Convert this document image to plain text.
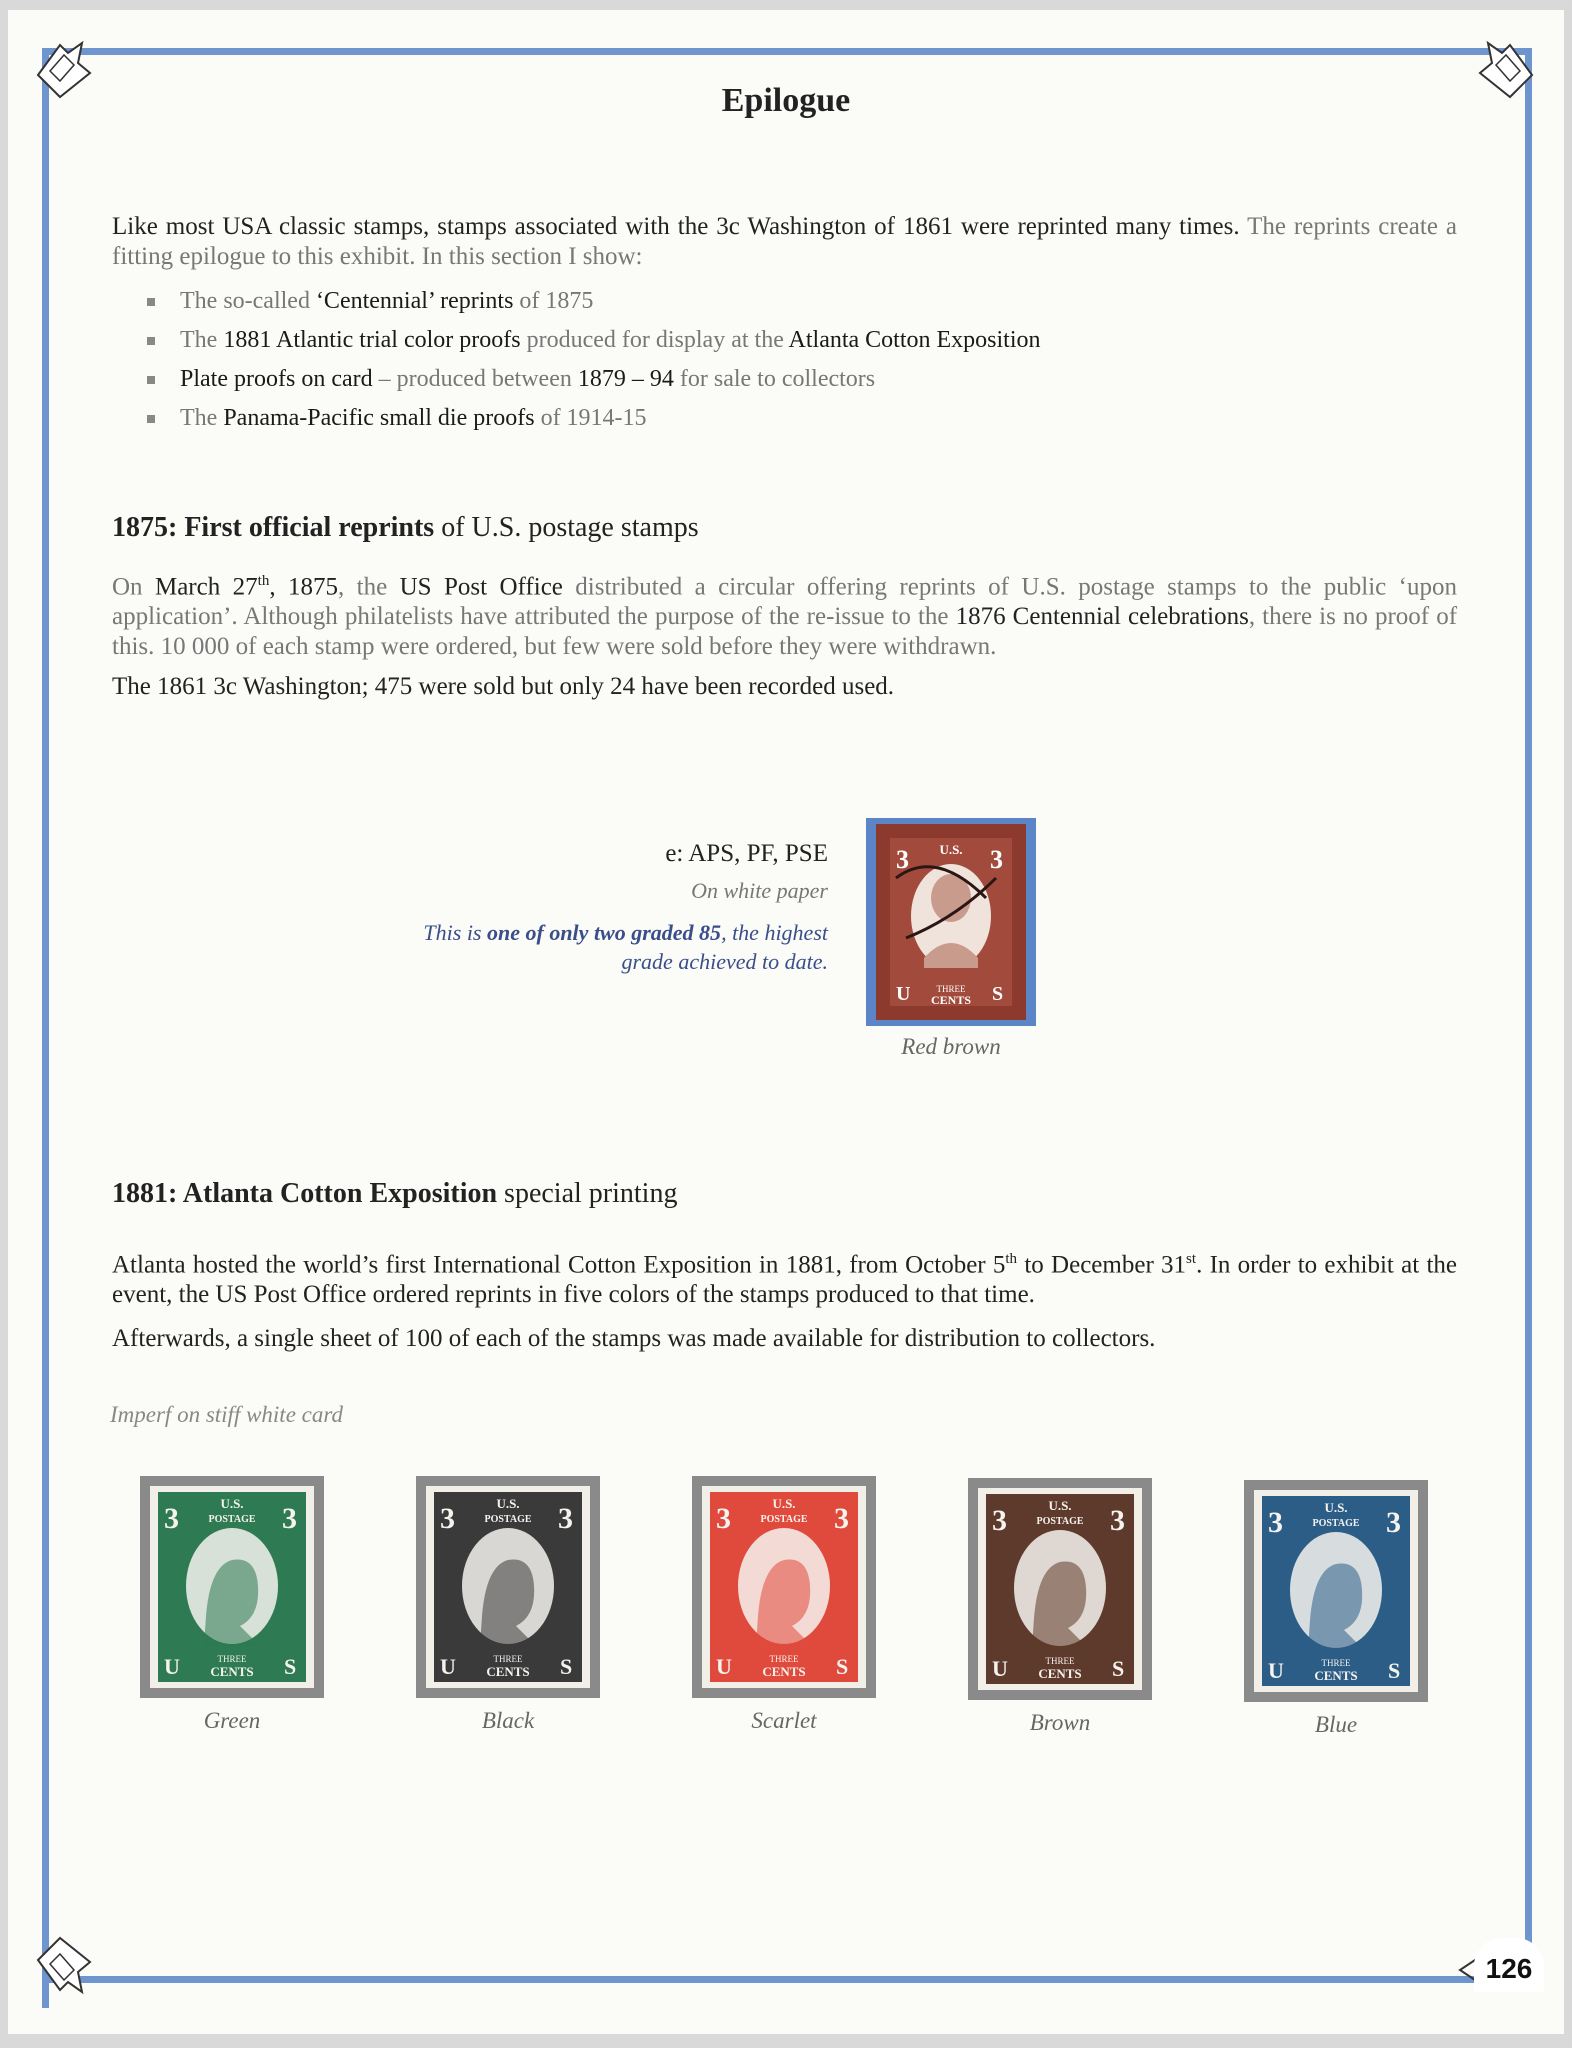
126
Epilogue
Like most USA classic stamps, stamps associated with the 3c Washington of 1861 were reprinted many times. The reprints create a fitting epilogue to this exhibit. In this section I show:
The so-called ‘Centennial’ reprints of 1875
The 1881 Atlantic trial color proofs produced for display at the Atlanta Cotton Exposition
Plate proofs on card – produced between 1879 – 94 for sale to collectors
The Panama-Pacific small die proofs of 1914-15
1875: First official reprints of U.S. postage stamps
On March 27th, 1875, the US Post Office distributed a circular offering reprints of U.S. postage stamps to the public ‘upon application’. Although philatelists have attributed the purpose of the re-issue to the 1876 Centennial celebrations, there is no proof of this. 10 000 of each stamp were ordered, but few were sold before they were withdrawn.
The 1861 3c Washington; 475 were sold but only 24 have been recorded used.
e: APS, PF, PSE
On white paper
This is one of only two graded 85, the highest
grade achieved to date.
3	3
U.S.
U	S
THREE
CENTS
Red brown
1881: Atlanta Cotton Exposition special printing
Atlanta hosted the world’s first International Cotton Exposition in 1881, from October 5th to December 31st. In order to exhibit at the event, the US Post Office ordered reprints in five colors of the stamps produced to that time.
Afterwards, a single sheet of 100 of each of the stamps was made available for distribution to collectors.
Imperf on stiff white card
3	3
U.S.
POSTAGE
U	S
THREE
CENTS
Green
3	3
U.S.
POSTAGE
U	S
THREE
CENTS
Black
3	3
U.S.
POSTAGE
U	S
THREE
CENTS
Scarlet
3	3
U.S.
POSTAGE
U	S
THREE
CENTS
Brown
3	3
U.S.
POSTAGE
U	S
THREE
CENTS
Blue
